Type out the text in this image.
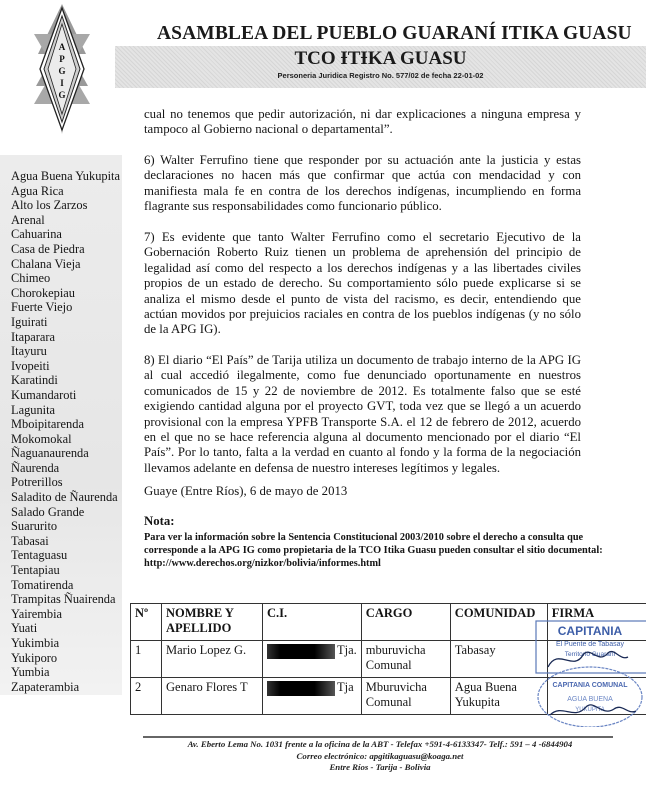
A
P
G
I
G
ASAMBLEA DEL PUEBLO GUARANÍ ITIKA GUASU
TCO ƗTƗKA GUASU
Personeria Juridica Registro No. 577/02 de fecha 22-01-02
Agua Buena Yukupita
Agua Rica
Alto los Zarzos
Arenal
Cahuarina
Casa de Piedra
Chalana Vieja
Chimeo
Chorokepiau
Fuerte Viejo
Iguirati
Itaparara
Itayuru
Ivopeiti
Karatindi
Kumandaroti
Lagunita
Mboipitarenda
Mokomokal
Ñaguanaurenda
Ñaurenda
Potrerillos
Saladito de Ñaurenda
Salado Grande
Suarurito
Tabasai
Tentaguasu
Tentapiau
Tomatirenda
Trampitas Ñuairenda
Yairembia
Yuati
Yukimbia
Yukiporo
Yumbia
Zapaterambia

cual no tenemos que pedir autorización, ni dar explicaciones a ninguna empresa y tampoco al Gobierno nacional o departamental”.

6) Walter Ferrufino tiene que responder por su actuación ante la justicia y estas declaraciones no hacen más que confirmar que actúa con mendacidad y con manifiesta mala fe en contra de los derechos indígenas, incumpliendo en forma flagrante sus responsabilidades como funcionario público.

7) Es evidente que tanto Walter Ferrufino como el secretario Ejecutivo de la Gobernación Roberto Ruiz tienen un problema de aprehensión del principio de legalidad así como del respecto a los derechos indígenas y a las libertades civiles propios de un estado de derecho. Su comportamiento sólo puede explicarse si se analiza el mismo desde el punto de vista del racismo, es decir, entendiendo que actúan movidos por prejuicios raciales en contra de los pueblos indígenas (y no sólo de la APG IG).

8) El diario “El País” de Tarija utiliza un documento de trabajo interno de la APG IG al cual accedió ilegalmente, como fue denunciado oportunamente en nuestros comunicados de 15 y 22 de noviembre de 2012. Es totalmente falso que se esté exigiendo cantidad alguna por el proyecto GVT, toda vez que se llegó a un acuerdo provisional con la empresa YPFB Transporte S.A. el 12 de febrero de 2012, acuerdo en el que no se hace referencia alguna al documento mencionado por el diario “El País”. Por lo tanto, falta a la verdad en cuanto al fondo y la forma de la negociación llevamos adelante en defensa de nuestro intereses legítimos y legales.

Guaye (Entre Ríos), 6 de mayo de 2013
Nota:
Para ver la información sobre la Sentencia Constitucional 2003/2010 sobre el derecho a consulta que corresponde a la APG IG como propietaria de la TCO Itika Guasu pueden consultar el sitio documental: http://www.derechos.org/nizkor/bolivia/informes.html
Nº	NOMBRE Y APELLIDO	C.I.	CARGO	COMUNIDAD	FIRMA
1	Mario Lopez G.	Tja.	mburuvicha Comunal	Tabasay	
2	Genaro Flores T	Tja	Mburuvicha Comunal	Agua Buena Yukupita	
CAPITANIA
El Puente de Tabasay
Territorio Guaraní
CAPITANIA COMUNAL
AGUA BUENA
YUKUPITA
Av. Eberto Lema No. 1031 frente a la oficina de la ABT - Telefax +591-4-6133347- Telf.: 591 – 4 -6844904
Correo electrónico: apgitikaguasu@koaga.net
Entre Ríos - Tarija - Bolivia
